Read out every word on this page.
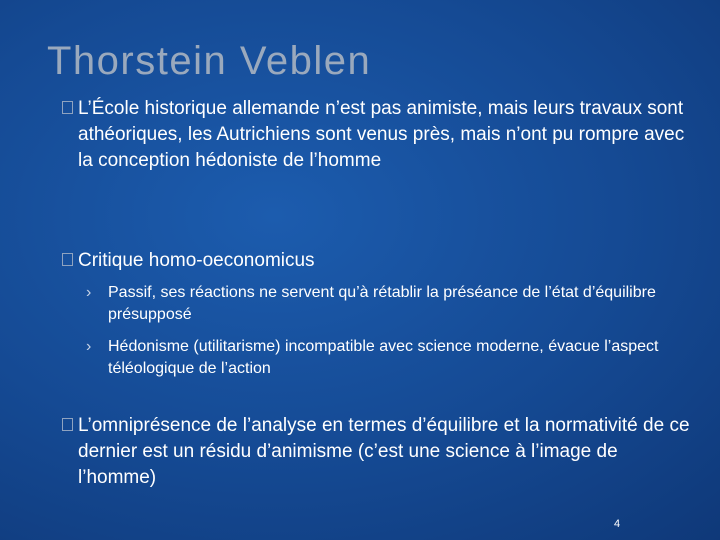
Thorstein Veblen
L’École historique allemande n’est pas animiste, mais leurs travaux sont athéoriques, les Autrichiens sont venus près, mais n’ont pu rompre avec la conception hédoniste de l’homme
Critique homo-oeconomicus
› Passif, ses réactions ne servent qu’à rétablir la préséance de l’état d’équilibre présupposé
› Hédonisme (utilitarisme) incompatible avec science moderne, évacue l’aspect téléologique de l’action
L’omniprésence de l’analyse en termes d’équilibre et la normativité de ce dernier est un résidu d’animisme (c’est une science à l’image de l’homme)
4
